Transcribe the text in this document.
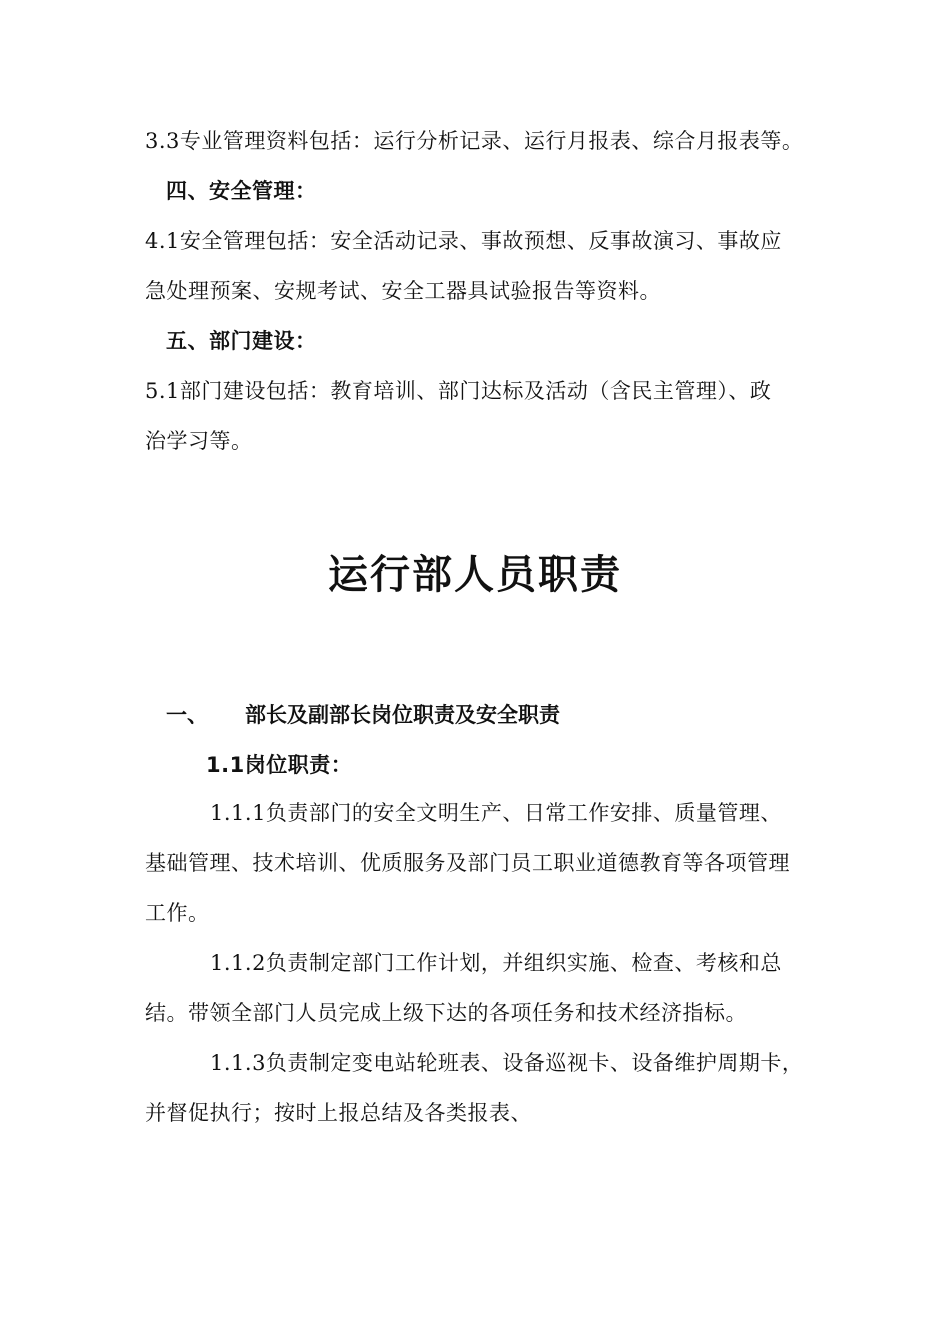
3.3专业管理资料包括：运行分析记录、运行月报表、综合月报表等。
四、安全管理：
4.1安全管理包括：安全活动记录、事故预想、反事故演习、事故应
急处理预案、安规考试、安全工器具试验报告等资料。
五、部门建设：
5.1部门建设包括：教育培训、部门达标及活动（含民主管理）、政
治学习等。
运行部人员职责
一、 部长及副部长岗位职责及安全职责
1.1岗位职责：
1.1.1负责部门的安全文明生产、日常工作安排、质量管理、
基础管理、技术培训、优质服务及部门员工职业道德教育等各项管理
工作。
1.1.2负责制定部门工作计划，并组织实施、检查、考核和总
结。带领全部门人员完成上级下达的各项任务和技术经济指标。
1.1.3负责制定变电站轮班表、设备巡视卡、设备维护周期卡，
并督促执行；按时上报总结及各类报表、
